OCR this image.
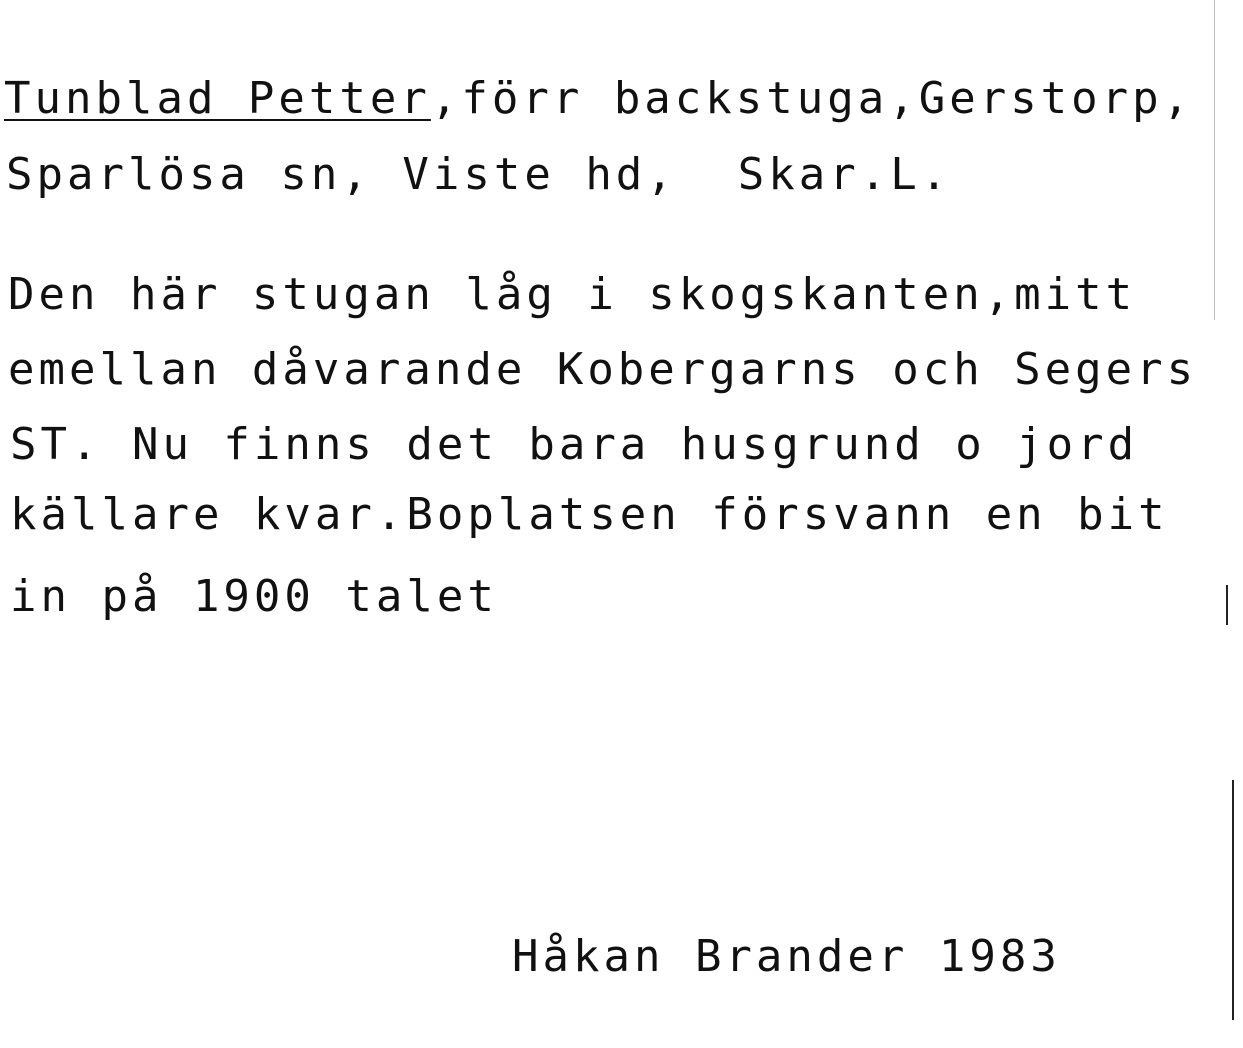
Tunblad Petter,förr backstuga,Gerstorp,
Sparlösa sn, Viste hd,  Skar.L.
Den här stugan låg i skogskanten,mitt
emellan dåvarande Kobergarns och Segers
ST. Nu finns det bara husgrund o jord
källare kvar.Boplatsen försvann en bit
in på 1900 talet
Håkan Brander 1983
